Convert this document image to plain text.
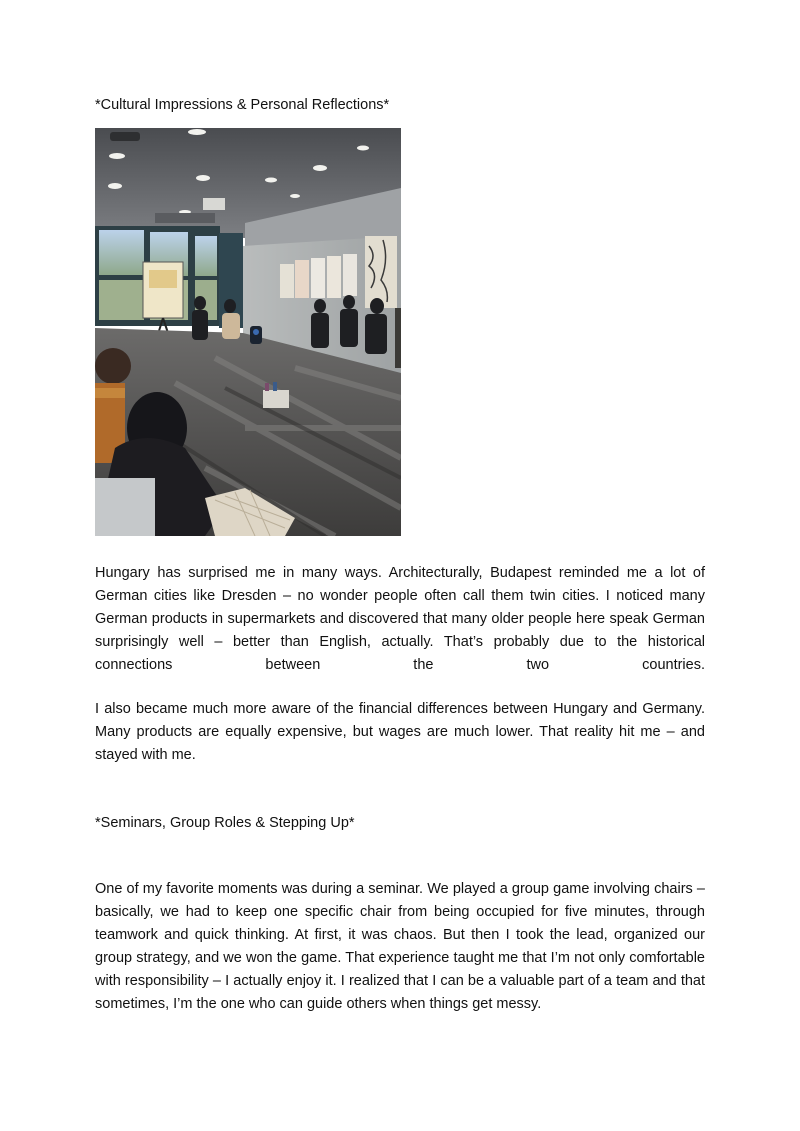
*Cultural Impressions & Personal Reflections*

Hungary has surprised me in many ways. Architecturally, Budapest reminded me a lot of German cities like Dresden – no wonder people often call them twin cities. I noticed many German products in supermarkets and discovered that many older people here speak German surprisingly well – better than English, actually. That’s probably due to the historical connections between the two countries.

I also became much more aware of the financial differences between Hungary and Germany. Many products are equally expensive, but wages are much lower. That reality hit me – and stayed with me.

*Seminars, Group Roles & Stepping Up*

One of my favorite moments was during a seminar. We played a group game involving chairs – basically, we had to keep one specific chair from being occupied for five minutes, through teamwork and quick thinking. At first, it was chaos. But then I took the lead, organized our group strategy, and we won the game. That experience taught me that I’m not only comfortable with responsibility – I actually enjoy it. I realized that I can be a valuable part of a team and that sometimes, I’m the one who can guide others when things get messy.
